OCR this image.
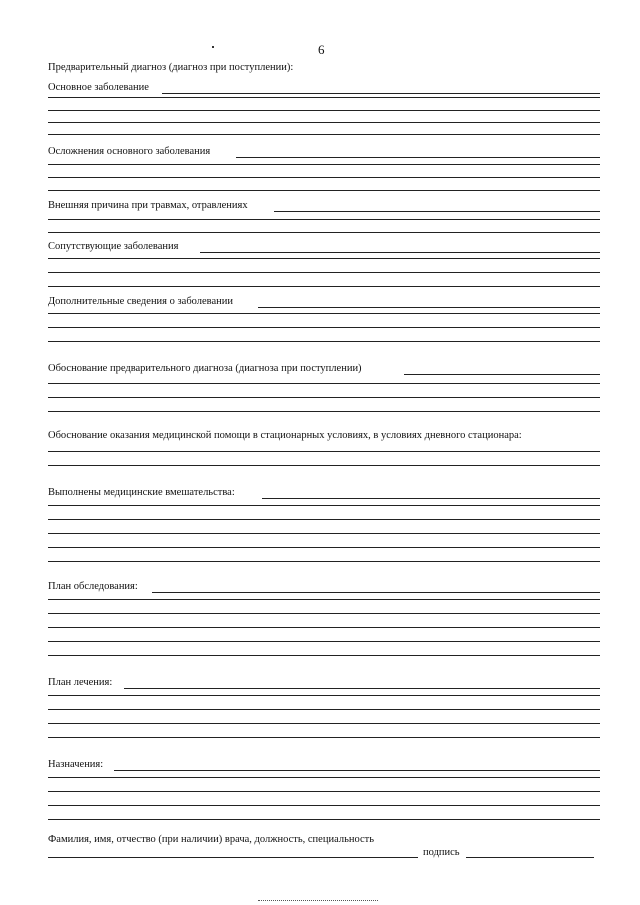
6
Предварительный диагноз (диагноз при поступлении):
Основное заболевание
Осложнения основного заболевания
Внешняя причина при травмах, отравлениях
Сопутствующие заболевания
Дополнительные сведения о заболевании
Обоснование предварительного диагноза (диагноза при поступлении)
Обоснование оказания медицинской помощи в стационарных условиях, в условиях дневного стационара:
Выполнены медицинские вмешательства:
План обследования:
План лечения:
Назначения:
Фамилия, имя, отчество (при наличии) врача, должность, специальность
подпись
